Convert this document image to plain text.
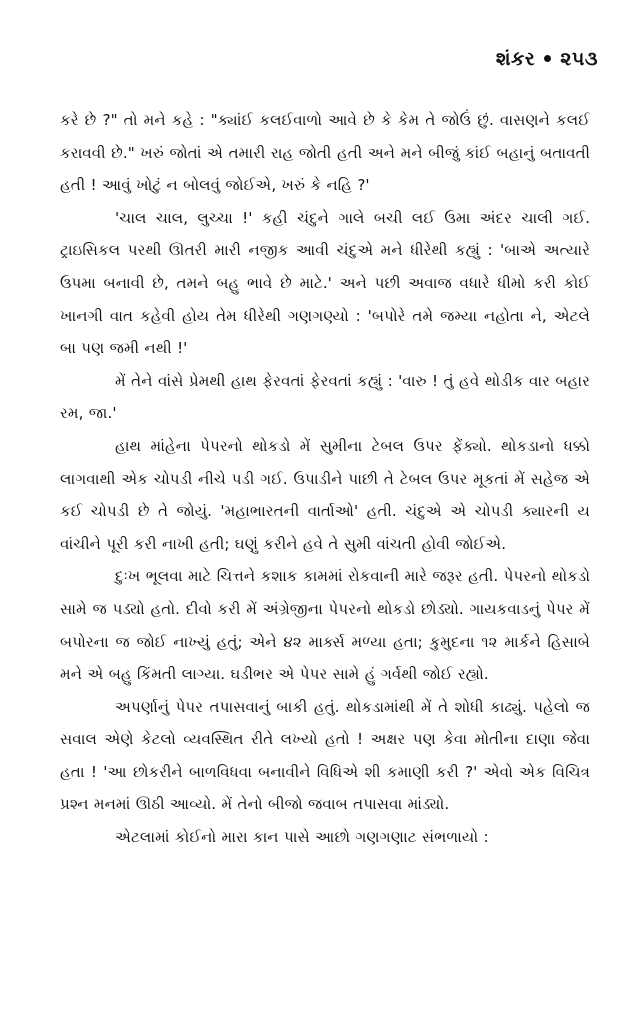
શંકર ૨૫૩

કરે છે ?" તો મને કહે : "ક્યાંઈ કલઈવાળો આવે છે કે કેમ તે જોઉં છું. વાસણને કલઈ કરાવવી છે." ખરું જોતાં એ તમારી રાહ જોતી હતી અને મને બીજું કાંઈ બહાનું બતાવતી હતી ! આવું ખોટું ન બોલવું જોઈએ, ખરું કે નહિ ?'

'ચાલ ચાલ, લુચ્ચા !' કહી ચંદુને ગાલે બચી લઈ ઉમા અંદર ચાલી ગઈ. ટ્રાઇસિકલ પરથી ઊતરી મારી નજીક આવી ચંદુએ મને ધીરેથી કહ્યું : 'બાએ અત્યારે ઉપમા બનાવી છે, તમને બહુ ભાવે છે માટે.' અને પછી અવાજ વધારે ધીમો કરી કોઈ ખાનગી વાત કહેવી હોય તેમ ધીરેથી ગણગણ્યો : 'બપોરે તમે જમ્યા નહોતા ને, એટલે બા પણ જમી નથી !'

મેં તેને વાંસે પ્રેમથી હાથ ફેરવતાં ફેરવતાં કહ્યું : 'વારુ ! તું હવે થોડીક વાર બહાર રમ, જા.'

હાથ માંહેના પેપરનો થોકડો મેં સુમીના ટેબલ ઉપર ફેંક્યો. થોકડાનો ધક્કો લાગવાથી એક ચોપડી નીચે પડી ગઈ. ઉપાડીને પાછી તે ટેબલ ઉપર મૂકતાં મેં સહેજ એ કઈ ચોપડી છે તે જોયું. 'મહાભારતની વાર્તાઓ' હતી. ચંદુએ એ ચોપડી ક્યારની ય વાંચીને પૂરી કરી નાખી હતી; ઘણું કરીને હવે તે સુમી વાંચતી હોવી જોઈએ.

દુઃખ ભૂલવા માટે ચિત્તને કશાક કામમાં રોકવાની મારે જરૂર હતી. પેપરનો થોકડો સામે જ પડ્યો હતો. દીવો કરી મેં અંગ્રેજીના પેપરનો થોકડો છોડ્યો. ગાયકવાડનું પેપર મેં બપોરના જ જોઈ નાખ્યું હતું; એને ૪૨ માર્ક્સ મળ્યા હતા; કુમુદના ૧૨ માર્કને હિસાબે મને એ બહુ કિંમતી લાગ્યા. ઘડીભર એ પેપર સામે હું ગર્વથી જોઈ રહ્યો.

અપર્ણાનું પેપર તપાસવાનું બાકી હતું. થોકડામાંથી મેં તે શોધી કાઢ્યું. પહેલો જ સવાલ એણે કેટલો વ્યવસ્થિત રીતે લખ્યો હતો ! અક્ષર પણ કેવા મોતીના દાણા જેવા હતા ! 'આ છોકરીને બાળવિધવા બનાવીને વિધિએ શી કમાણી કરી ?' એવો એક વિચિત્ર પ્રશ્ન મનમાં ઊઠી આવ્યો. મેં તેનો બીજો જવાબ તપાસવા માંડ્યો.

એટલામાં કોઈનો મારા કાન પાસે આછો ગણગણાટ સંભળાયો :
